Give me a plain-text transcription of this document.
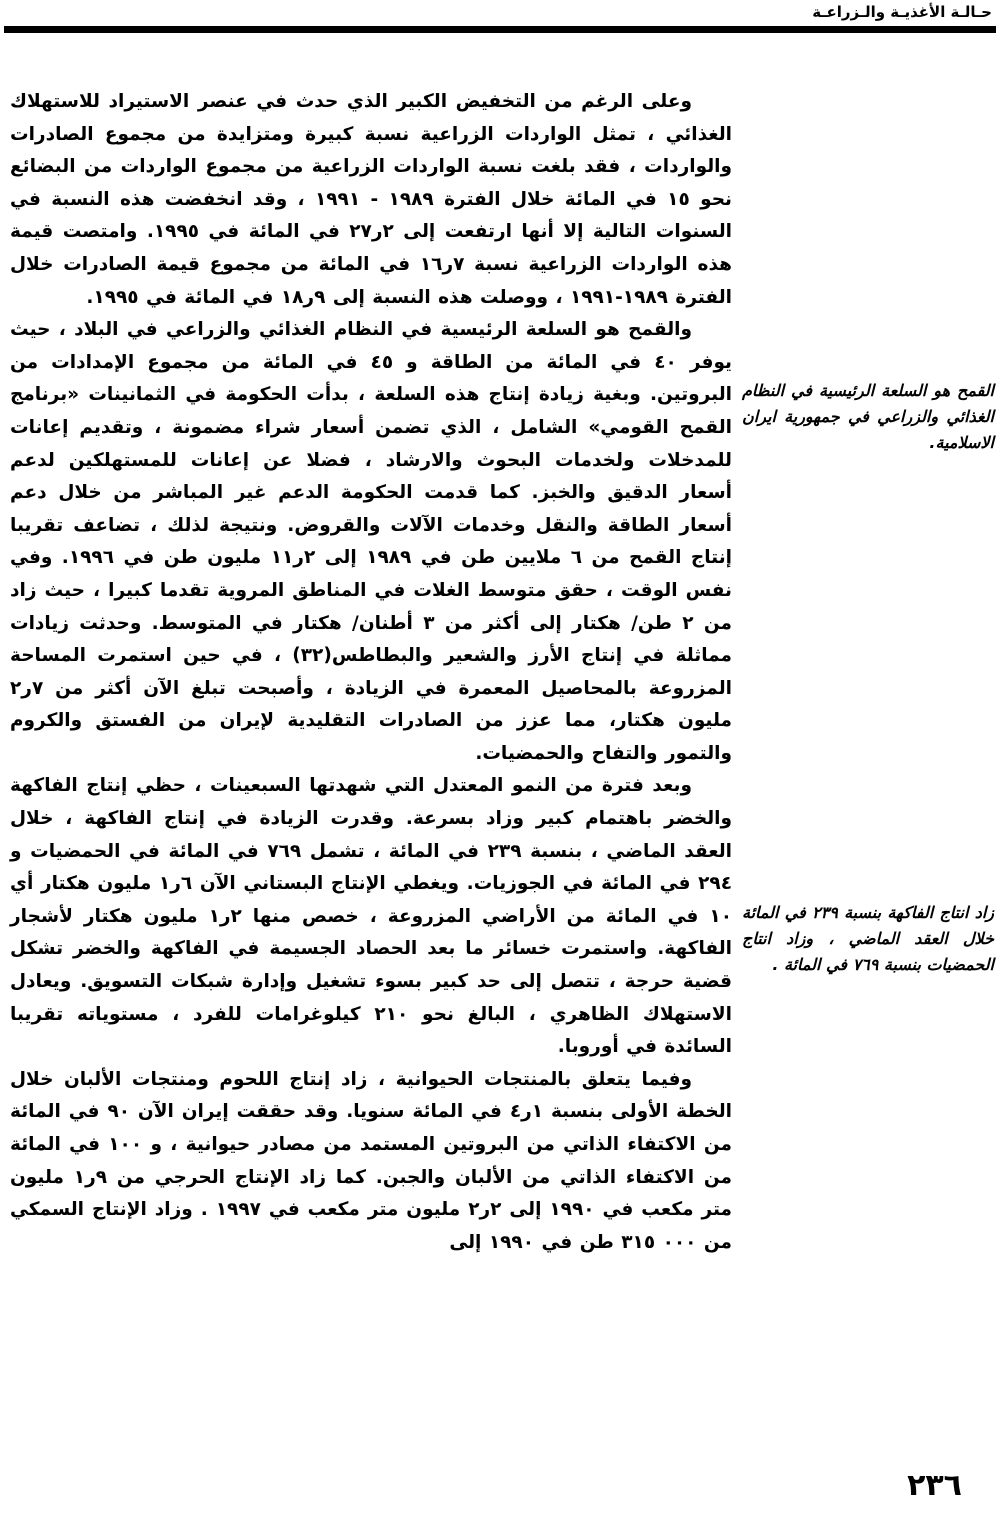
حـالـة الأغذيـة والـزراعـة

وعلى الرغم من التخفيض الكبير الذي حدث في عنصر الاستيراد للاستهلاك الغذائي ، تمثل الواردات الزراعية نسبة كبيرة ومتزايدة من مجموع الصادرات والواردات ، فقد بلغت نسبة الواردات الزراعية من مجموع الواردات من البضائع نحو ١٥ في المائة خلال الفترة ١٩٨٩ - ١٩٩١ ، وقد انخفضت هذه النسبة في السنوات التالية إلا أنها ارتفعت إلى ٢ر٢٧ في المائة في ١٩٩٥. وامتصت قيمة هذه الواردات الزراعية نسبة ٧ر١٦ في المائة من مجموع قيمة الصادرات خلال الفترة ١٩٨٩-١٩٩١ ، ووصلت هذه النسبة إلى ٩ر١٨ في المائة في ١٩٩٥.

والقمح هو السلعة الرئيسية في النظام الغذائي والزراعي في البلاد ، حيث يوفر ٤٠ في المائة من الطاقة و ٤٥ في المائة من مجموع الإمدادات من البروتين. وبغية زيادة إنتاج هذه السلعة ، بدأت الحكومة في الثمانينات «برنامج القمح القومي» الشامل ، الذي تضمن أسعار شراء مضمونة ، وتقديم إعانات للمدخلات ولخدمات البحوث والارشاد ، فضلا عن إعانات للمستهلكين لدعم أسعار الدقيق والخبز. كما قدمت الحكومة الدعم غير المباشر من خلال دعم أسعار الطاقة والنقل وخدمات الآلات والقروض. ونتيجة لذلك ، تضاعف تقريبا إنتاج القمح من ٦ ملايين طن في ١٩٨٩ إلى ٢ر١١ مليون طن في ١٩٩٦. وفي نفس الوقت ، حقق متوسط الغلات في المناطق المروية تقدما كبيرا ، حيث زاد من ٢ طن/ هكتار إلى أكثر من ٣ أطنان/ هكتار في المتوسط. وحدثت زيادات مماثلة في إنتاج الأرز والشعير والبطاطس(٣٢) ، في حين استمرت المساحة المزروعة بالمحاصيل المعمرة في الزيادة ، وأصبحت تبلغ الآن أكثر من ٧ر٢ مليون هكتار، مما عزز من الصادرات التقليدية لإيران من الفستق والكروم والتمور والتفاح والحمضيات.

وبعد فترة من النمو المعتدل التي شهدتها السبعينات ، حظي إنتاج الفاكهة والخضر باهتمام كبير وزاد بسرعة. وقدرت الزيادة في إنتاج الفاكهة ، خلال العقد الماضي ، بنسبة ٢٣٩ في المائة ، تشمل ٧٦٩ في المائة في الحمضيات و ٢٩٤ في المائة في الجوزيات. ويغطي الإنتاج البستاني الآن ٦ر١ مليون هكتار أي ١٠ في المائة من الأراضي المزروعة ، خصص منها ٢ر١ مليون هكتار لأشجار الفاكهة. واستمرت خسائر ما بعد الحصاد الجسيمة في الفاكهة والخضر تشكل قضية حرجة ، تتصل إلى حد كبير بسوء تشغيل وإدارة شبكات التسويق. ويعادل الاستهلاك الظاهري ، البالغ نحو ٢١٠ كيلوغرامات للفرد ، مستوياته تقريبا السائدة في أوروبا.

وفيما يتعلق بالمنتجات الحيوانية ، زاد إنتاج اللحوم ومنتجات الألبان خلال الخطة الأولى بنسبة ١ر٤ في المائة سنويا. وقد حققت إيران الآن ٩٠ في المائة من الاكتفاء الذاتي من البروتين المستمد من مصادر حيوانية ، و ١٠٠ في المائة من الاكتفاء الذاتي من الألبان والجبن. كما زاد الإنتاج الحرجي من ٩ر١ مليون متر مكعب في ١٩٩٠ إلى ٢ر٢ مليون متر مكعب في ١٩٩٧ . وزاد الإنتاج السمكي من ٠٠٠ ٣١٥ طن في ١٩٩٠ إلى

القمح هو السلعة الرئيسية في النظام الغذائي والزراعي في جمهورية ايران الاسلامية.
زاد انتاج الفاكهة بنسبة ٢٣٩ في المائة خلال العقد الماضي ، وزاد انتاج الحمضيات بنسبة ٧٦٩ في المائة .
٢٣٦
